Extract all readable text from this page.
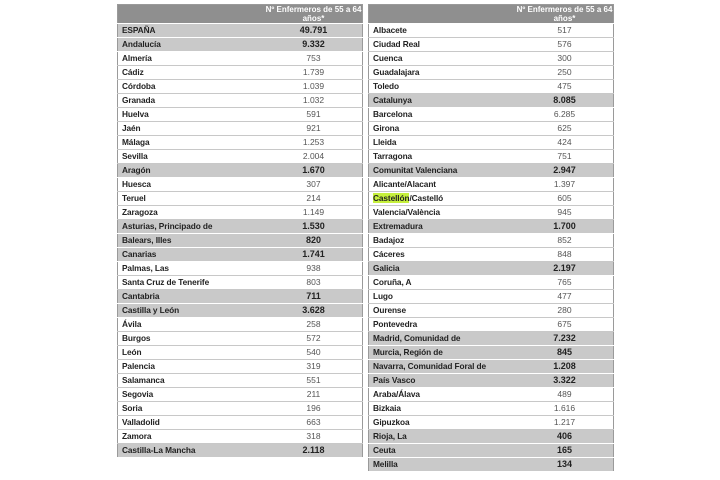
	Nº Enfermeros de 55 a 64 años*
ESPAÑA	49.791
Andalucía	9.332
Almería	753
Cádiz	1.739
Córdoba	1.039
Granada	1.032
Huelva	591
Jaén	921
Málaga	1.253
Sevilla	2.004
Aragón	1.670
Huesca	307
Teruel	214
Zaragoza	1.149
Asturias, Principado de	1.530
Balears, Illes	820
Canarias	1.741
Palmas, Las	938
Santa Cruz de Tenerife	803
Cantabria	711
Castilla y León	3.628
Ávila	258
Burgos	572
León	540
Palencia	319
Salamanca	551
Segovia	211
Soria	196
Valladolid	663
Zamora	318
Castilla-La Mancha	2.118
	Nº Enfermeros de 55 a 64 años*
Albacete	517
Ciudad Real	576
Cuenca	300
Guadalajara	250
Toledo	475
Catalunya	8.085
Barcelona	6.285
Girona	625
Lleida	424
Tarragona	751
Comunitat Valenciana	2.947
Alicante/Alacant	1.397
Castellón/Castelló	605
Valencia/València	945
Extremadura	1.700
Badajoz	852
Cáceres	848
Galicia	2.197
Coruña, A	765
Lugo	477
Ourense	280
Pontevedra	675
Madrid, Comunidad de	7.232
Murcia, Región de	845
Navarra, Comunidad Foral de	1.208
País Vasco	3.322
Araba/Álava	489
Bizkaia	1.616
Gipuzkoa	1.217
Rioja, La	406
Ceuta	165
Melilla	134
